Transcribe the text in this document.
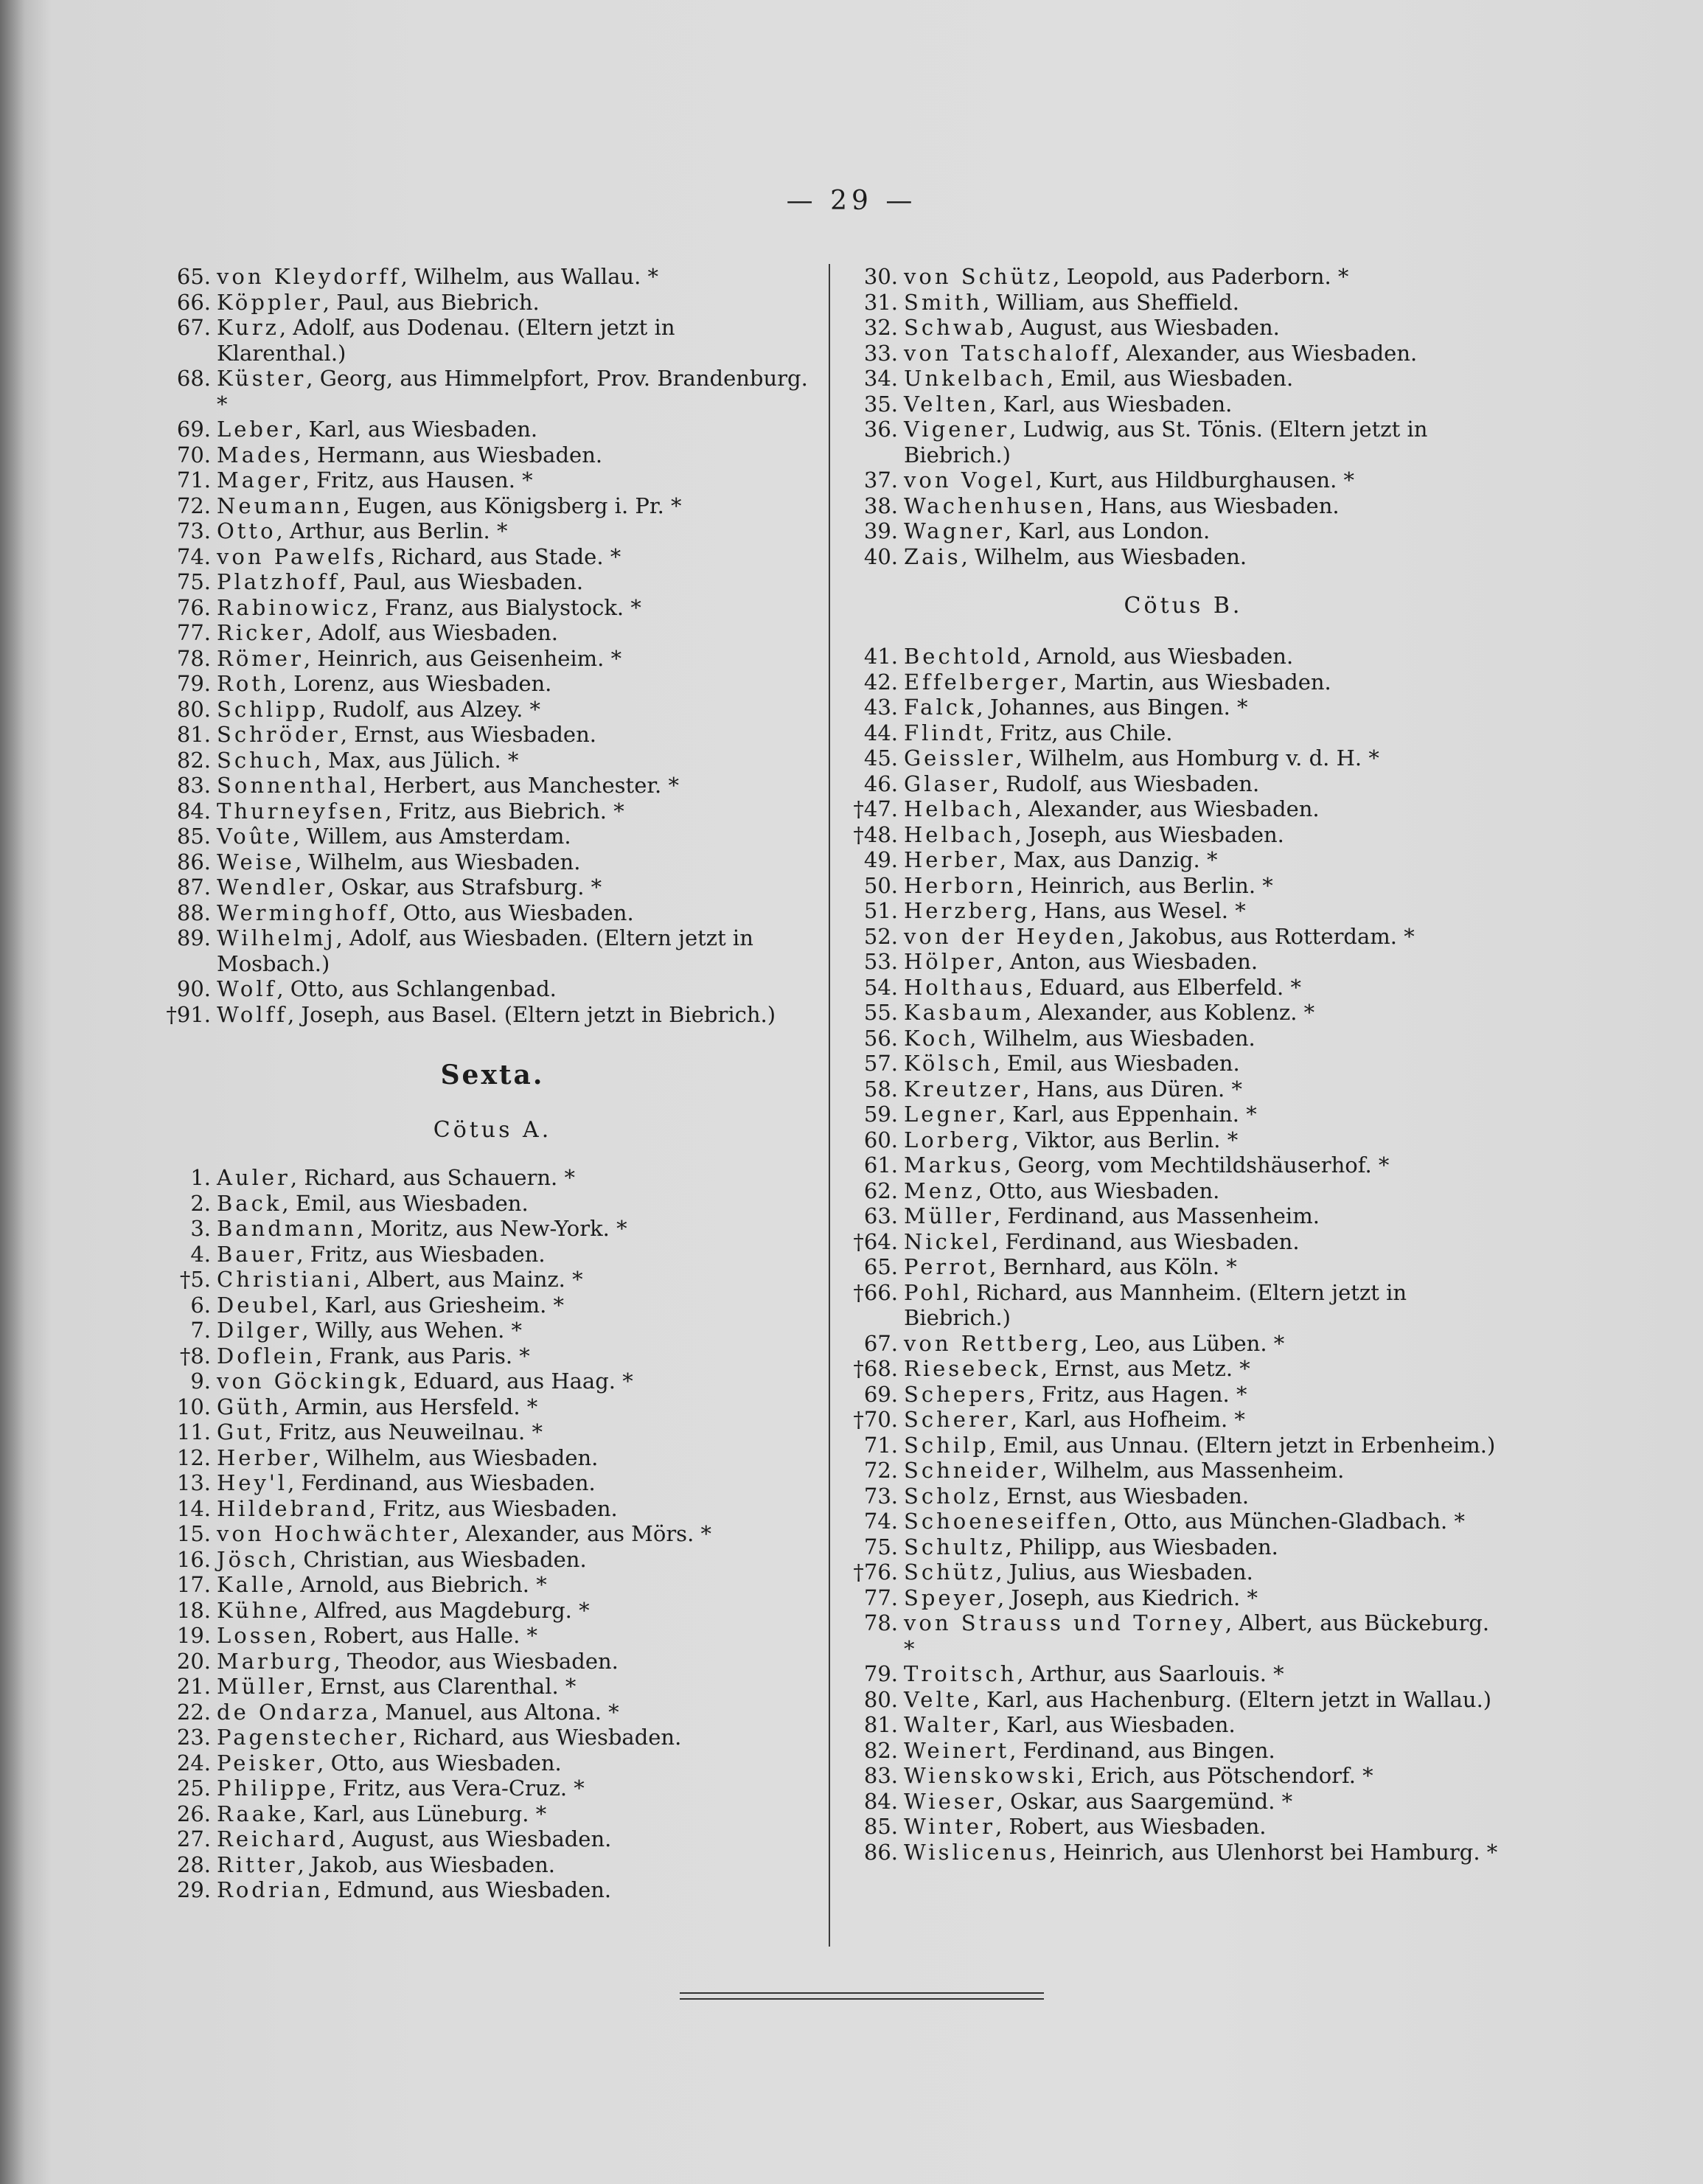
— 29 —
65. von Kleydorff, Wilhelm, aus Wallau. *
66. Köppler, Paul, aus Biebrich.
67. Kurz, Adolf, aus Dodenau. (Eltern jetzt in Klarenthal.)
68. Küster, Georg, aus Himmelpfort, Prov. Brandenburg. *
69. Leber, Karl, aus Wiesbaden.
70. Mades, Hermann, aus Wiesbaden.
71. Mager, Fritz, aus Hausen. *
72. Neumann, Eugen, aus Königsberg i. Pr. *
73. Otto, Arthur, aus Berlin. *
74. von Pawelfs, Richard, aus Stade. *
75. Platzhoff, Paul, aus Wiesbaden.
76. Rabinowicz, Franz, aus Bialystock. *
77. Ricker, Adolf, aus Wiesbaden.
78. Römer, Heinrich, aus Geisenheim. *
79. Roth, Lorenz, aus Wiesbaden.
80. Schlipp, Rudolf, aus Alzey. *
81. Schröder, Ernst, aus Wiesbaden.
82. Schuch, Max, aus Jülich. *
83. Sonnenthal, Herbert, aus Manchester. *
84. Thurneyfsen, Fritz, aus Biebrich. *
85. Voûte, Willem, aus Amsterdam.
86. Weise, Wilhelm, aus Wiesbaden.
87. Wendler, Oskar, aus Strafsburg. *
88. Werminghoff, Otto, aus Wiesbaden.
89. Wilhelmj, Adolf, aus Wiesbaden. (Eltern jetzt in Mosbach.)
90. Wolf, Otto, aus Schlangenbad.
†91. Wolff, Joseph, aus Basel. (Eltern jetzt in Biebrich.)
Sexta.
Cötus A.
1. Auler, Richard, aus Schauern. *
2. Back, Emil, aus Wiesbaden.
3. Bandmann, Moritz, aus New-York. *
4. Bauer, Fritz, aus Wiesbaden.
†5. Christiani, Albert, aus Mainz. *
6. Deubel, Karl, aus Griesheim. *
7. Dilger, Willy, aus Wehen. *
†8. Doflein, Frank, aus Paris. *
9. von Göckingk, Eduard, aus Haag. *
10. Güth, Armin, aus Hersfeld. *
11. Gut, Fritz, aus Neuweilnau. *
12. Herber, Wilhelm, aus Wiesbaden.
13. Hey'l, Ferdinand, aus Wiesbaden.
14. Hildebrand, Fritz, aus Wiesbaden.
15. von Hochwächter, Alexander, aus Mörs. *
16. Jösch, Christian, aus Wiesbaden.
17. Kalle, Arnold, aus Biebrich. *
18. Kühne, Alfred, aus Magdeburg. *
19. Lossen, Robert, aus Halle. *
20. Marburg, Theodor, aus Wiesbaden.
21. Müller, Ernst, aus Clarenthal. *
22. de Ondarza, Manuel, aus Altona. *
23. Pagenstecher, Richard, aus Wiesbaden.
24. Peisker, Otto, aus Wiesbaden.
25. Philippe, Fritz, aus Vera-Cruz. *
26. Raake, Karl, aus Lüneburg. *
27. Reichard, August, aus Wiesbaden.
28. Ritter, Jakob, aus Wiesbaden.
29. Rodrian, Edmund, aus Wiesbaden.
30. von Schütz, Leopold, aus Paderborn. *
31. Smith, William, aus Sheffield.
32. Schwab, August, aus Wiesbaden.
33. von Tatschaloff, Alexander, aus Wiesbaden.
34. Unkelbach, Emil, aus Wiesbaden.
35. Velten, Karl, aus Wiesbaden.
36. Vigener, Ludwig, aus St. Tönis. (Eltern jetzt in Biebrich.)
37. von Vogel, Kurt, aus Hildburghausen. *
38. Wachenhusen, Hans, aus Wiesbaden.
39. Wagner, Karl, aus London.
40. Zais, Wilhelm, aus Wiesbaden.
Cötus B.
41. Bechtold, Arnold, aus Wiesbaden.
42. Effelberger, Martin, aus Wiesbaden.
43. Falck, Johannes, aus Bingen. *
44. Flindt, Fritz, aus Chile.
45. Geissler, Wilhelm, aus Homburg v. d. H. *
46. Glaser, Rudolf, aus Wiesbaden.
†47. Helbach, Alexander, aus Wiesbaden.
†48. Helbach, Joseph, aus Wiesbaden.
49. Herber, Max, aus Danzig. *
50. Herborn, Heinrich, aus Berlin. *
51. Herzberg, Hans, aus Wesel. *
52. von der Heyden, Jakobus, aus Rotterdam. *
53. Hölper, Anton, aus Wiesbaden.
54. Holthaus, Eduard, aus Elberfeld. *
55. Kasbaum, Alexander, aus Koblenz. *
56. Koch, Wilhelm, aus Wiesbaden.
57. Kölsch, Emil, aus Wiesbaden.
58. Kreutzer, Hans, aus Düren. *
59. Legner, Karl, aus Eppenhain. *
60. Lorberg, Viktor, aus Berlin. *
61. Markus, Georg, vom Mechtildshäuserhof. *
62. Menz, Otto, aus Wiesbaden.
63. Müller, Ferdinand, aus Massenheim.
†64. Nickel, Ferdinand, aus Wiesbaden.
65. Perrot, Bernhard, aus Köln. *
†66. Pohl, Richard, aus Mannheim. (Eltern jetzt in Biebrich.)
67. von Rettberg, Leo, aus Lüben. *
†68. Riesebeck, Ernst, aus Metz. *
69. Schepers, Fritz, aus Hagen. *
†70. Scherer, Karl, aus Hofheim. *
71. Schilp, Emil, aus Unnau. (Eltern jetzt in Erbenheim.)
72. Schneider, Wilhelm, aus Massenheim.
73. Scholz, Ernst, aus Wiesbaden.
74. Schoeneseiffen, Otto, aus München-Gladbach. *
75. Schultz, Philipp, aus Wiesbaden.
†76. Schütz, Julius, aus Wiesbaden.
77. Speyer, Joseph, aus Kiedrich. *
78. von Strauss und Torney, Albert, aus Bückeburg. *
79. Troitsch, Arthur, aus Saarlouis. *
80. Velte, Karl, aus Hachenburg. (Eltern jetzt in Wallau.)
81. Walter, Karl, aus Wiesbaden.
82. Weinert, Ferdinand, aus Bingen.
83. Wienskowski, Erich, aus Pötschendorf. *
84. Wieser, Oskar, aus Saargemünd. *
85. Winter, Robert, aus Wiesbaden.
86. Wislicenus, Heinrich, aus Ulenhorst bei Hamburg. *
